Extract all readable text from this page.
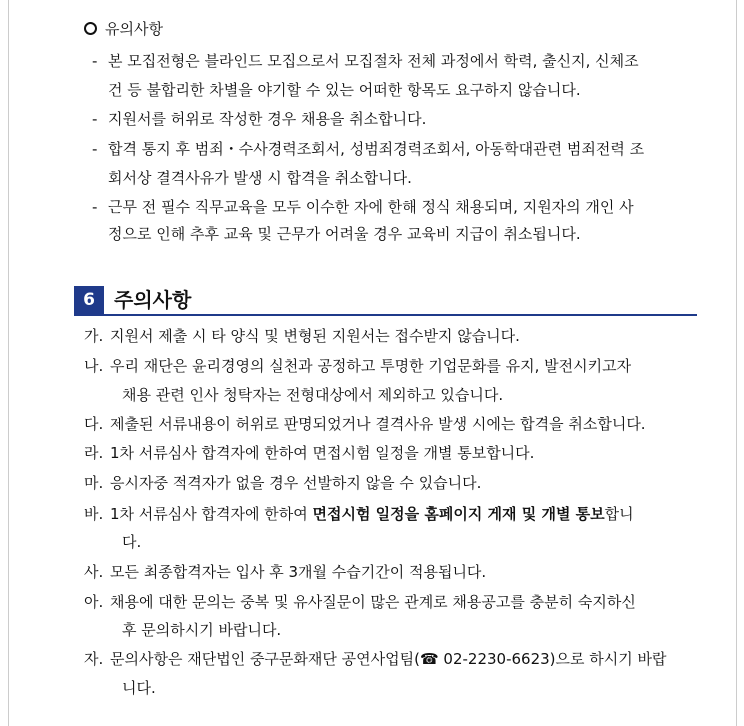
유의사항
- 본 모집전형은 블라인드 모집으로서 모집절차 전체 과정에서 학력, 출신지, 신체조
건 등 불합리한 차별을 야기할 수 있는 어떠한 항목도 요구하지 않습니다.
- 지원서를 허위로 작성한 경우 채용을 취소합니다.
- 합격 통지 후 범죄・수사경력조회서, 성범죄경력조회서, 아동학대관련 범죄전력 조
회서상 결격사유가 발생 시 합격을 취소합니다.
- 근무 전 필수 직무교육을 모두 이수한 자에 한해 정식 채용되며, 지원자의 개인 사
정으로 인해 추후 교육 및 근무가 어려울 경우 교육비 지급이 취소됩니다.
6 주의사항
가. 지원서 제출 시 타 양식 및 변형된 지원서는 접수받지 않습니다.
나. 우리 재단은 윤리경영의 실천과 공정하고 투명한 기업문화를 유지, 발전시키고자
채용 관련 인사 청탁자는 전형대상에서 제외하고 있습니다.
다. 제출된 서류내용이 허위로 판명되었거나 결격사유 발생 시에는 합격을 취소합니다.
라. 1차 서류심사 합격자에 한하여 면접시험 일정을 개별 통보합니다.
마. 응시자중 적격자가 없을 경우 선발하지 않을 수 있습니다.
바. 1차 서류심사 합격자에 한하여 면접시험 일정을 홈페이지 게재 및 개별 통보합니
다.
사. 모든 최종합격자는 입사 후 3개월 수습기간이 적용됩니다.
아. 채용에 대한 문의는 중복 및 유사질문이 많은 관계로 채용공고를 충분히 숙지하신
후 문의하시기 바랍니다.
자. 문의사항은 재단법인 중구문화재단 공연사업팀(☎ 02-2230-6623)으로 하시기 바랍
니다.
